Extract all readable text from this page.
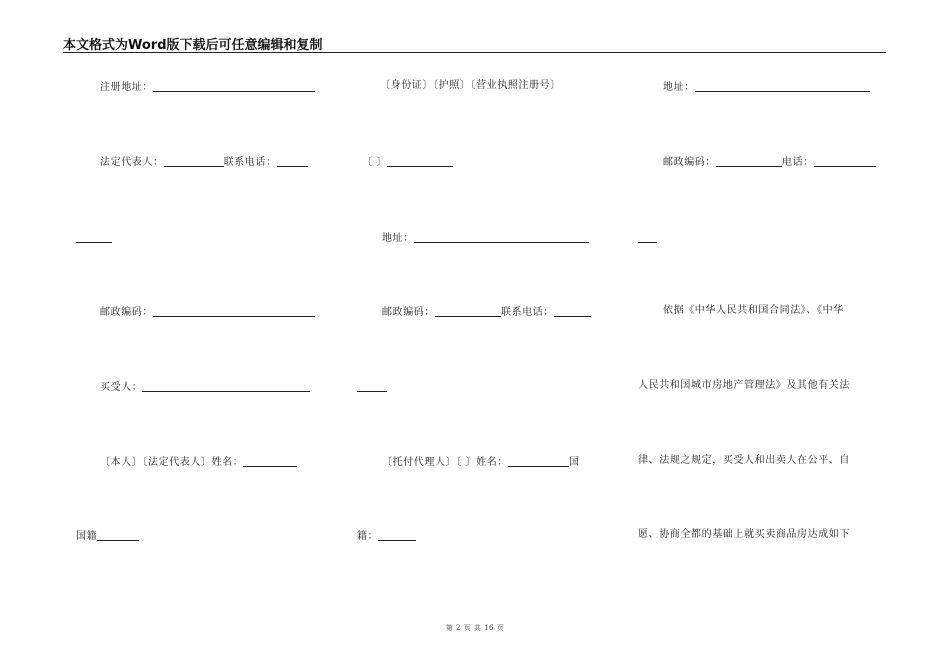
本文格式为Word版下载后可任意编辑和复制
注册地址：
法定代表人：	联系电话：
邮政编码：
买受人：
〔本人〕〔法定代表人〕姓名：
国籍
〔身份证〕〔护照〕〔营业执照注册号〕
〔 〕
地址：
邮政编码：	联系电话：
〔托付代理人〕〔 〕姓名：	国
籍：
地址：
邮政编码：	电话：
依据《中华人民共和国合同法》、《中华
人民共和国城市房地产管理法》及其他有关法
律、法规之规定，买受人和出卖人在公平、自
愿、协商全都的基础上就买卖商品房达成如下
第 2 页 共 16 页
